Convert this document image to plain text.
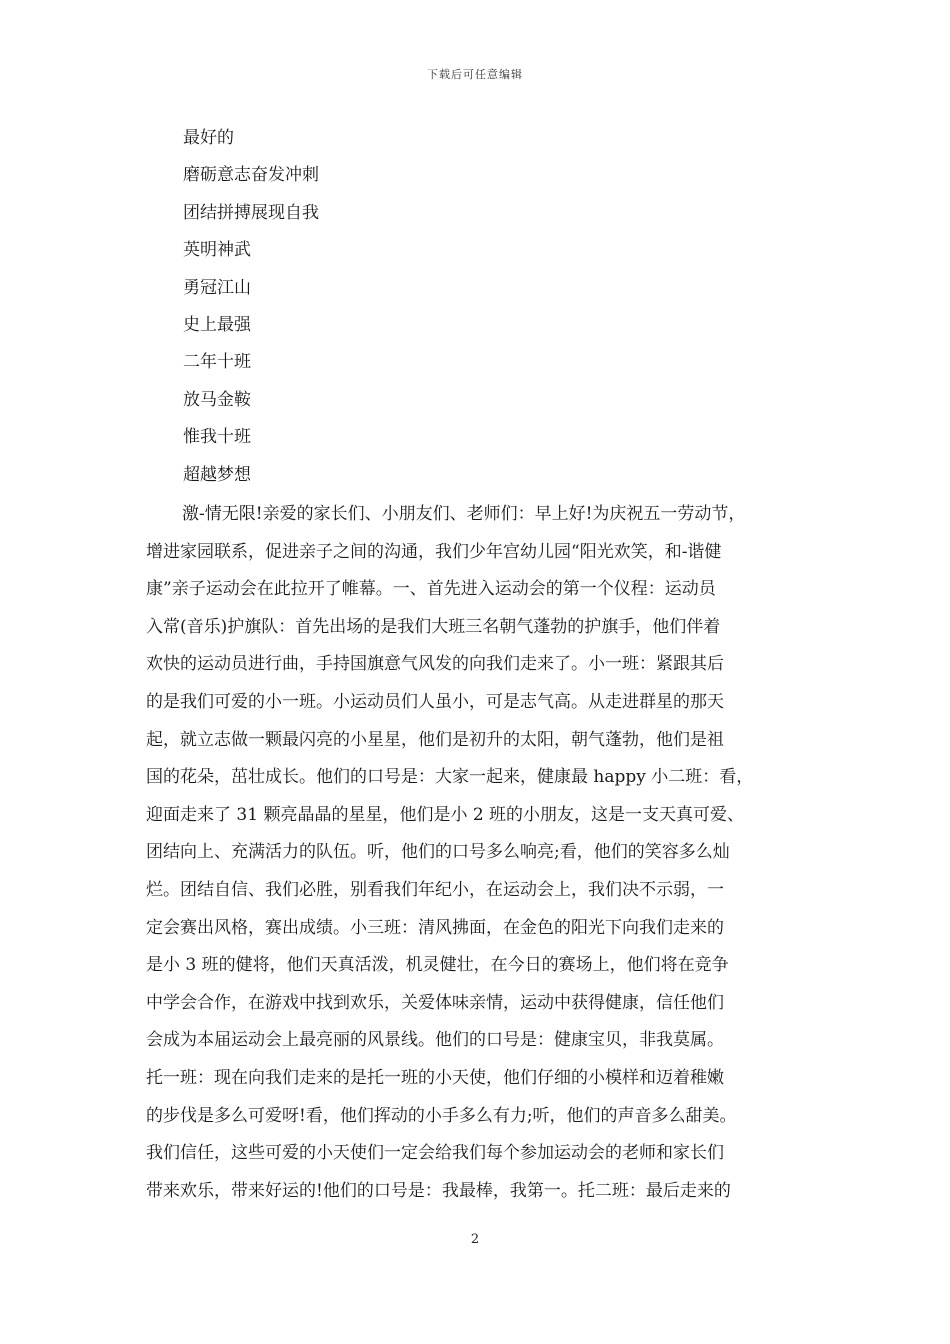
下载后可任意编辑
最好的
磨砺意志奋发冲刺
团结拼搏展现自我
英明神武
勇冠江山
史上最强
二年十班
放马金鞍
惟我十班
超越梦想
激-情无限!亲爱的家长们、小朋友们、老师们：早上好!为庆祝五一劳动节，
增进家园联系，促进亲子之间的沟通，我们少年宫幼儿园“阳光欢笑，和-谐健
康”亲子运动会在此拉开了帷幕。一、首先进入运动会的第一个仪程：运动员
入常(音乐)护旗队：首先出场的是我们大班三名朝气蓬勃的护旗手，他们伴着
欢快的运动员进行曲，手持国旗意气风发的向我们走来了。小一班：紧跟其后
的是我们可爱的小一班。小运动员们人虽小，可是志气高。从走进群星的那天
起，就立志做一颗最闪亮的小星星，他们是初升的太阳，朝气蓬勃，他们是祖
国的花朵，茁壮成长。他们的口号是：大家一起来，健康最 happy 小二班：看，
迎面走来了 31 颗亮晶晶的星星，他们是小 2 班的小朋友，这是一支天真可爱、
团结向上、充满活力的队伍。听，他们的口号多么响亮;看，他们的笑容多么灿
烂。团结自信、我们必胜，别看我们年纪小，在运动会上，我们决不示弱，一
定会赛出风格，赛出成绩。小三班：清风拂面，在金色的阳光下向我们走来的
是小 3 班的健将，他们天真活泼，机灵健壮，在今日的赛场上，他们将在竞争
中学会合作，在游戏中找到欢乐，关爱体味亲情，运动中获得健康，信任他们
会成为本届运动会上最亮丽的风景线。他们的口号是：健康宝贝，非我莫属。
托一班：现在向我们走来的是托一班的小天使，他们仔细的小模样和迈着稚嫩
的步伐是多么可爱呀!看，他们挥动的小手多么有力;听，他们的声音多么甜美。
我们信任，这些可爱的小天使们一定会给我们每个参加运动会的老师和家长们
带来欢乐，带来好运的!他们的口号是：我最棒，我第一。托二班：最后走来的
2
